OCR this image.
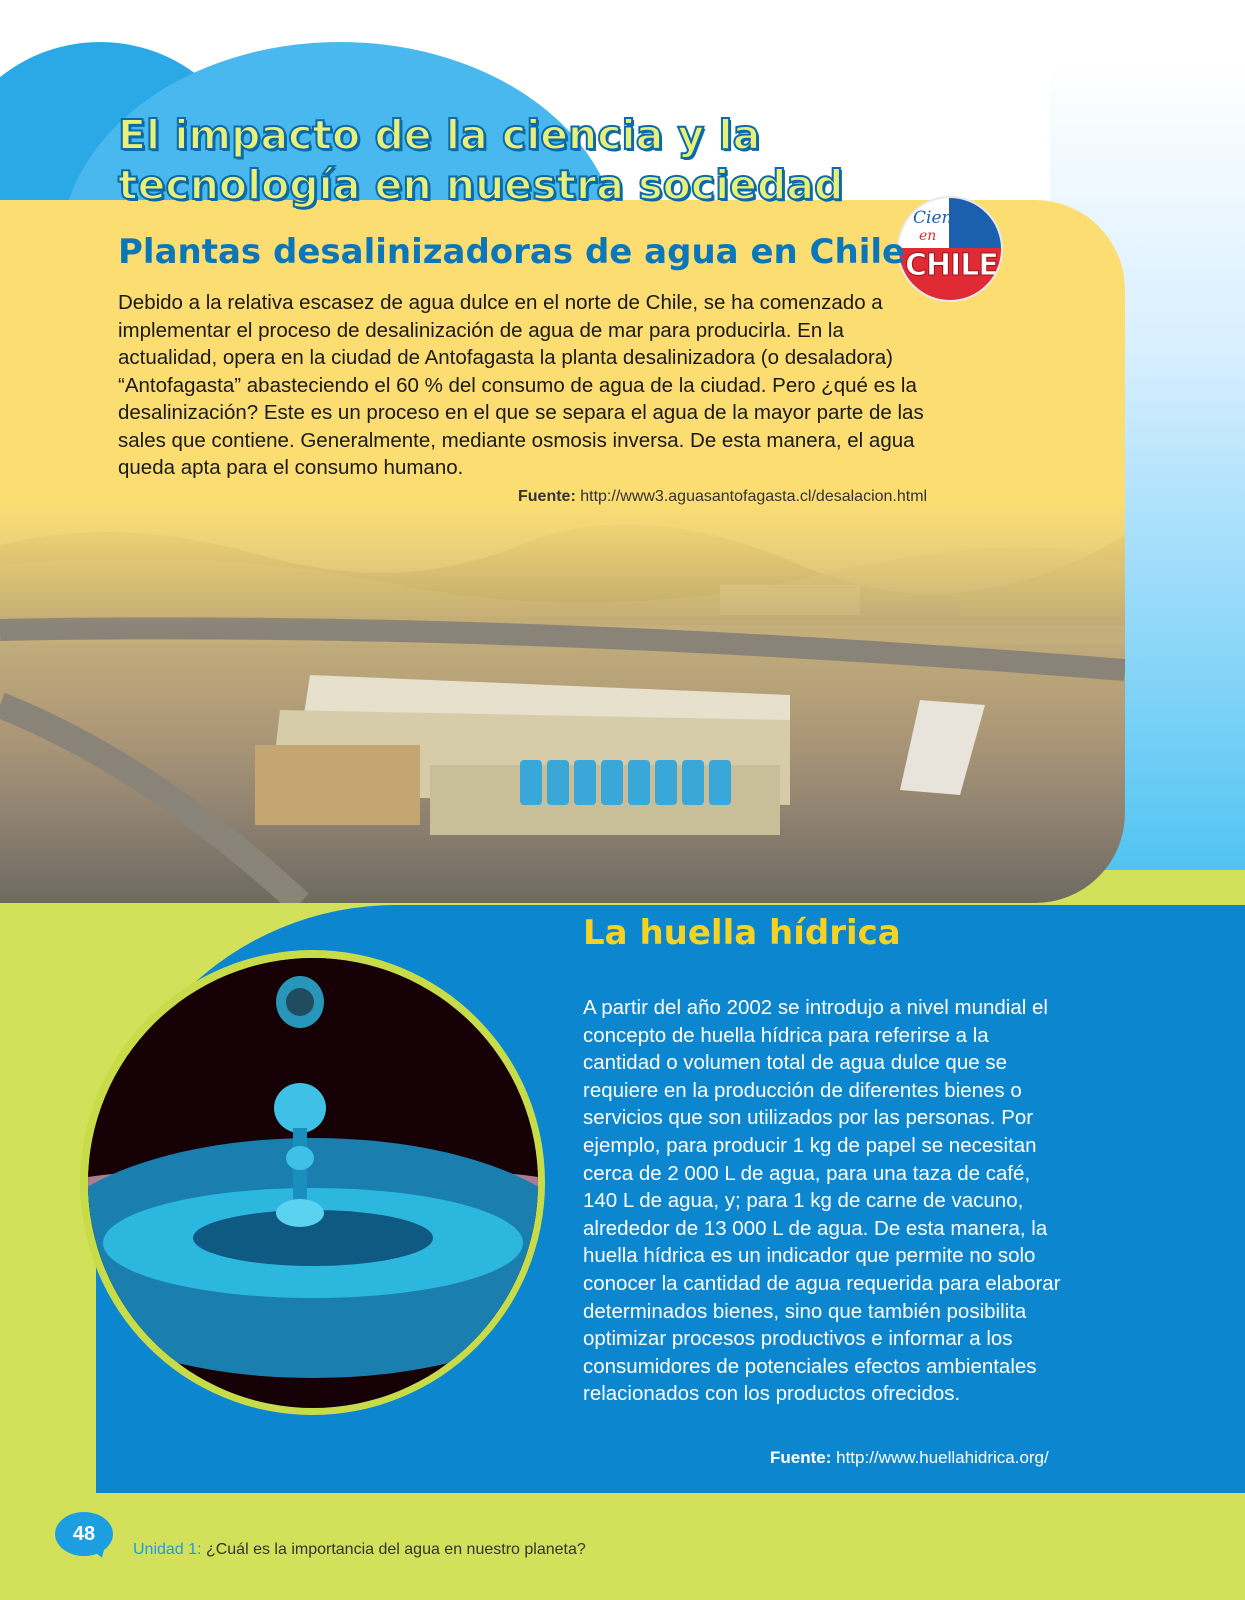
Ciencia
en
CHILE
El impacto de la ciencia y la
tecnología en nuestra sociedad
Plantas desalinizadoras de agua en Chile
Debido a la relativa escasez de agua dulce en el norte de Chile, se ha comenzado a implementar el proceso de desalinización de agua de mar para producirla. En la actualidad, opera en la ciudad de Antofagasta la planta desalinizadora (o desaladora) “Antofagasta” abasteciendo el 60 % del consumo de agua de la ciudad. Pero ¿qué es la desalinización? Este es un proceso en el que se separa el agua de la mayor parte de las sales que contiene. Generalmente, mediante osmosis inversa. De esta manera, el agua queda apta para el consumo humano.
Fuente: http://www3.aguasantofagasta.cl/desalacion.html
La huella hídrica
A partir del año 2002 se introdujo a nivel mundial el concepto de huella hídrica para referirse a la cantidad o volumen total de agua dulce que se requiere en la producción de diferentes bienes o servicios que son utilizados por las personas. Por ejemplo, para producir 1 kg de papel se necesitan cerca de 2 000 L de agua, para una taza de café, 140 L de agua, y; para 1 kg de carne de vacuno, alrededor de 13 000 L de agua. De esta manera, la huella hídrica es un indicador que permite no solo conocer la cantidad de agua requerida para elaborar determinados bienes, sino que también posibilita optimizar procesos productivos e informar a los consumidores de potenciales efectos ambientales relacionados con los productos ofrecidos.
Fuente: http://www.huellahidrica.org/
48
Unidad 1: ¿Cuál es la importancia del agua en nuestro planeta?
